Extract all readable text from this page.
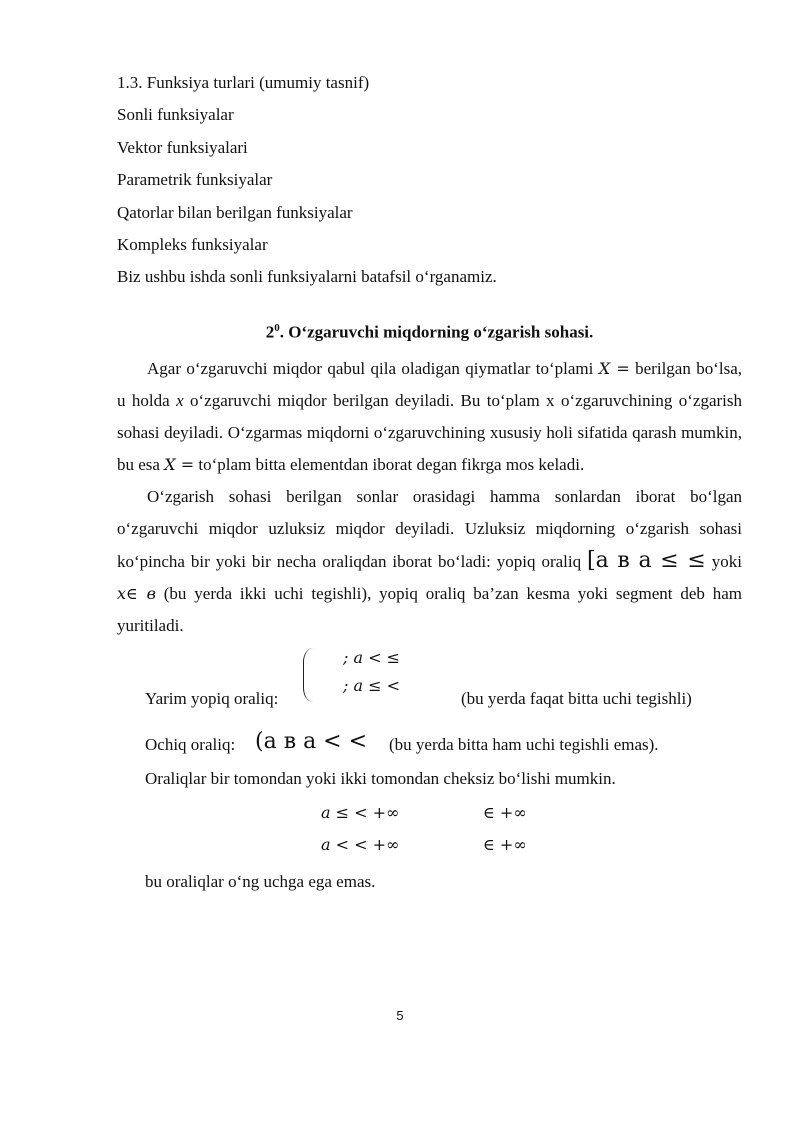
1.3. Funksiya turlari (umumiy tasnif)
Sonli funksiyalar
Vektor funksiyalari
Parametrik funksiyalar
Qatorlar bilan berilgan funksiyalar
Kompleks funksiyalar
Biz ushbu ishda sonli funksiyalarni batafsil o‘rganamiz.
$2^0$. O‘zgaruvchi miqdorning o‘zgarish sohasi.

Agar o‘zgaruvchi miqdor qabul qila oladigan qiymatlar to‘plami X = berilgan bo‘lsa, u holda x o‘zgaruvchi miqdor berilgan deyiladi. Bu to‘plam x o‘zgaruvchining o‘zgarish sohasi deyiladi. O‘zgarmas miqdorni o‘zgaruvchining xususiy holi sifatida qarash mumkin, bu esa X = to‘plam bitta elementdan iborat degan fikrga mos keladi.

O‘zgarish sohasi berilgan sonlar orasidagi hamma sonlardan iborat bo‘lgan o‘zgaruvchi miqdor uzluksiz miqdor deyiladi. Uzluksiz miqdorning o‘zgarish sohasi ko‘pincha bir yoki bir necha oraliqdan iborat bo‘ladi: yopiq oraliq [a в a ≤ ≤ yoki x∈ в (bu yerda ikki uchi tegishli), yopiq oraliq ba’zan kesma yoki segment deb ham yuritiladi.

; a < ≤
; a ≤ <
Yarim yopiq oraliq:	(bu yerda faqat bitta uchi tegishli)
Ochiq oraliq: (a в a < < (bu yerda bitta ham uchi tegishli emas).
Oraliqlar bir tomondan yoki ikki tomondan cheksiz bo‘lishi mumkin.
a ≤ < +∞	∈ +∞
a < < +∞	∈ +∞
bu oraliqlar o‘ng uchga ega emas.
5
